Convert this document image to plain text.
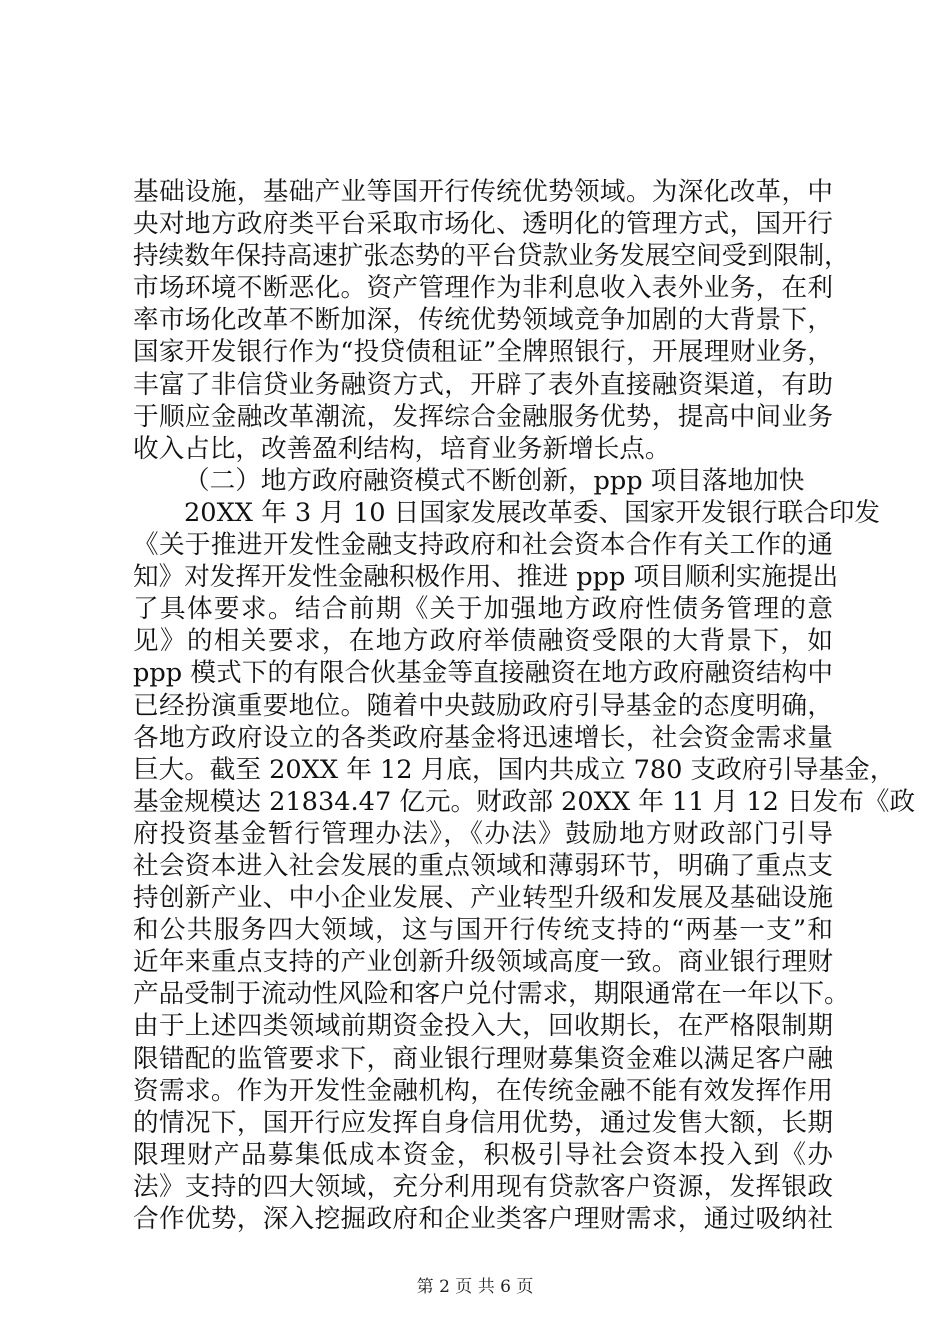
基础设施，基础产业等国开行传统优势领域。为深化改革，中
央对地方政府类平台采取市场化、透明化的管理方式，国开行
持续数年保持高速扩张态势的平台贷款业务发展空间受到限制，
市场环境不断恶化。资产管理作为非利息收入表外业务，在利
率市场化改革不断加深，传统优势领域竞争加剧的大背景下，
国家开发银行作为“投贷债租证”全牌照银行，开展理财业务，
丰富了非信贷业务融资方式，开辟了表外直接融资渠道，有助
于顺应金融改革潮流，发挥综合金融服务优势，提高中间业务
收入占比，改善盈利结构，培育业务新增长点。
（二）地方政府融资模式不断创新，ppp 项目落地加快
20XX 年 3 月 10 日国家发展改革委、国家开发银行联合印发
《关于推进开发性金融支持政府和社会资本合作有关工作的通
知》对发挥开发性金融积极作用、推进 ppp 项目顺利实施提出
了具体要求。结合前期《关于加强地方政府性债务管理的意
见》的相关要求，在地方政府举债融资受限的大背景下，如
ppp 模式下的有限合伙基金等直接融资在地方政府融资结构中
已经扮演重要地位。随着中央鼓励政府引导基金的态度明确，
各地方政府设立的各类政府基金将迅速增长，社会资金需求量
巨大。截至 20XX 年 12 月底，国内共成立 780 支政府引导基金，
基金规模达 21834.47 亿元。财政部 20XX 年 11 月 12 日发布《政
府投资基金暂行管理办法》，《办法》鼓励地方财政部门引导
社会资本进入社会发展的重点领域和薄弱环节，明确了重点支
持创新产业、中小企业发展、产业转型升级和发展及基础设施
和公共服务四大领域，这与国开行传统支持的“两基一支”和
近年来重点支持的产业创新升级领域高度一致。商业银行理财
产品受制于流动性风险和客户兑付需求，期限通常在一年以下。
由于上述四类领域前期资金投入大，回收期长，在严格限制期
限错配的监管要求下，商业银行理财募集资金难以满足客户融
资需求。作为开发性金融机构，在传统金融不能有效发挥作用
的情况下，国开行应发挥自身信用优势，通过发售大额，长期
限理财产品募集低成本资金，积极引导社会资本投入到《办
法》支持的四大领域，充分利用现有贷款客户资源，发挥银政
合作优势，深入挖掘政府和企业类客户理财需求，通过吸纳社
第 2 页 共 6 页
